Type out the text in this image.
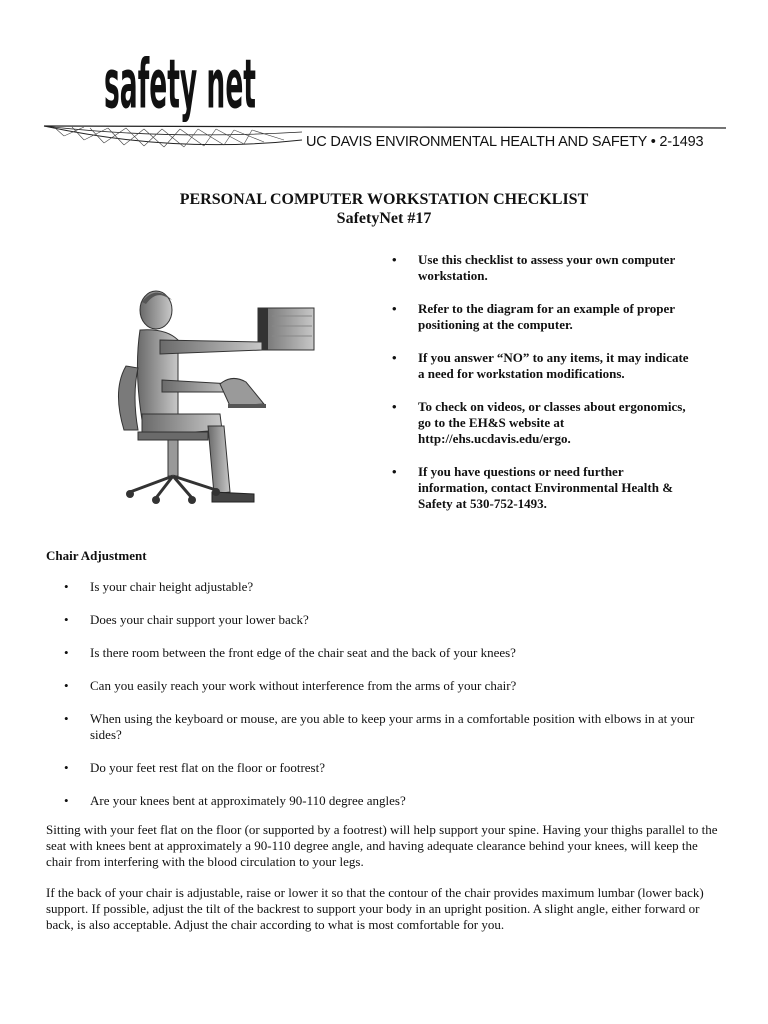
safety net
UC DAVIS ENVIRONMENTAL HEALTH AND SAFETY • 2-1493
PERSONAL COMPUTER WORKSTATION CHECKLIST
SafetyNet #17
• Use this checklist to assess your own computer workstation.
• Refer to the diagram for an example of proper positioning at the computer.
• If you answer “NO” to any items, it may indicate a need for workstation modifications.
• To check on videos, or classes about ergonomics, go to the EH&S website at http://ehs.ucdavis.edu/ergo.
• If you have questions or need further information, contact Environmental Health & Safety at 530-752-1493.
Chair Adjustment
• Is your chair height adjustable?
• Does your chair support your lower back?
• Is there room between the front edge of the chair seat and the back of your knees?
• Can you easily reach your work without interference from the arms of your chair?
• When using the keyboard or mouse, are you able to keep your arms in a comfortable position with elbows in at your sides?
• Do your feet rest flat on the floor or footrest?
• Are your knees bent at approximately 90-110 degree angles?

Sitting with your feet flat on the floor (or supported by a footrest) will help support your spine. Having your thighs parallel to the seat with knees bent at approximately a 90-110 degree angle, and having adequate clearance behind your knees, will keep the chair from interfering with the blood circulation to your legs.

If the back of your chair is adjustable, raise or lower it so that the contour of the chair provides maximum lumbar (lower back) support. If possible, adjust the tilt of the backrest to support your body in an upright position. A slight angle, either forward or back, is also acceptable. Adjust the chair according to what is most comfortable for you.
